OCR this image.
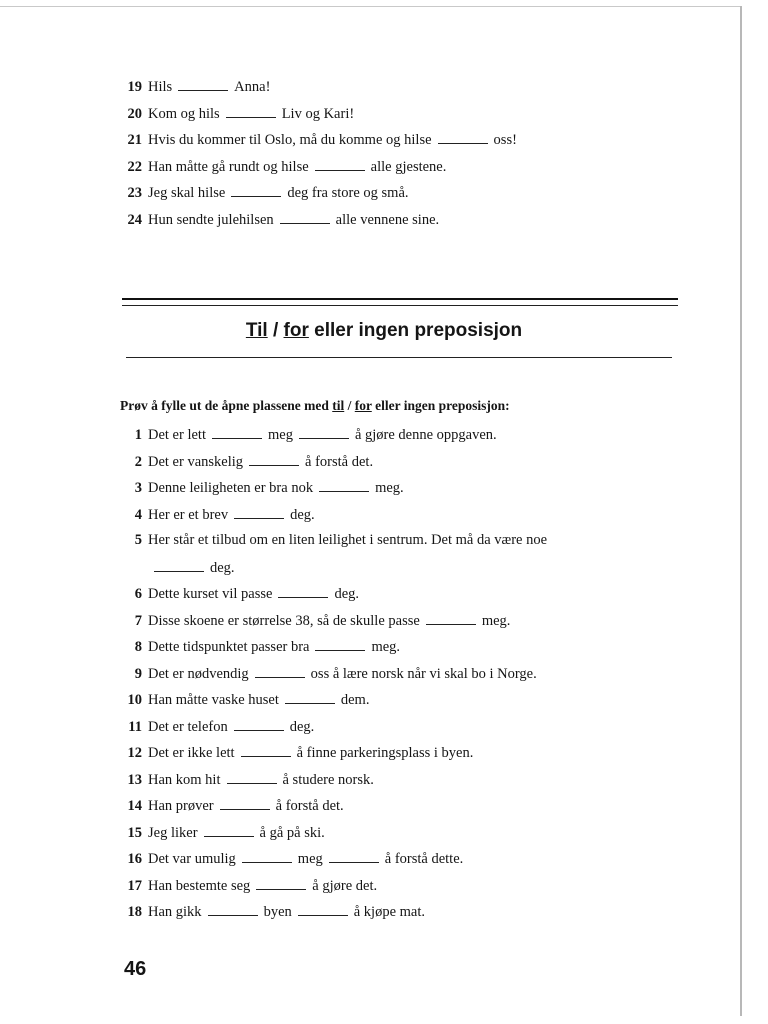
19 Hils	Anna!
20 Kom og hils	Liv og Kari!
21 Hvis du kommer til Oslo, må du komme og hilse	oss!
22 Han måtte gå rundt og hilse	alle gjestene.
23 Jeg skal hilse	deg fra store og små.
24 Hun sendte julehilsen	alle vennene sine.
Til / for eller ingen preposisjon
Prøv å fylle ut de åpne plassene med til / for eller ingen preposisjon:
1 Det er lett	meg	å gjøre denne oppgaven.
2 Det er vanskelig	å forstå det.
3 Denne leiligheten er bra nok	meg.
4 Her er et brev	deg.
5 Her står et tilbud om en liten leilighet i sentrum. Det må da være noe
deg.
6 Dette kurset vil passe	deg.
7 Disse skoene er størrelse 38, så de skulle passe	meg.
8 Dette tidspunktet passer bra	meg.
9 Det er nødvendig	oss å lære norsk når vi skal bo i Norge.
10 Han måtte vaske huset	dem.
11 Det er telefon	deg.
12 Det er ikke lett	å finne parkeringsplass i byen.
13 Han kom hit	å studere norsk.
14 Han prøver	å forstå det.
15 Jeg liker	å gå på ski.
16 Det var umulig	meg	å forstå dette.
17 Han bestemte seg	å gjøre det.
18 Han gikk	byen	å kjøpe mat.
46
